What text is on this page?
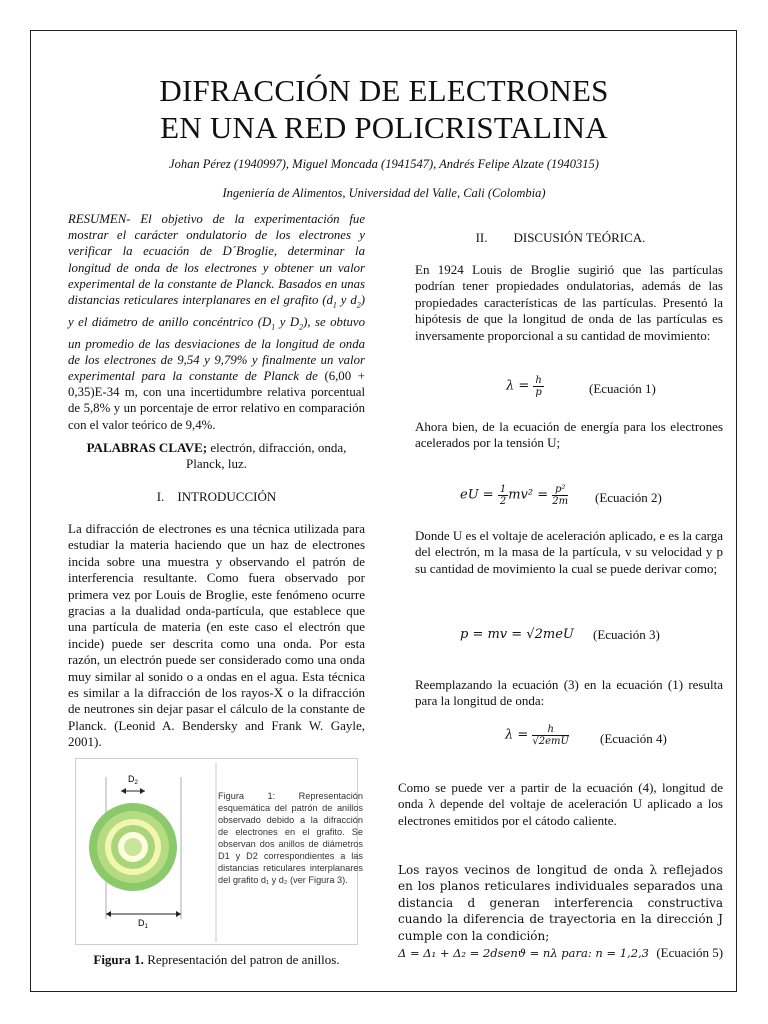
DIFRACCIÓN DE ELECTRONES
EN UNA RED POLICRISTALINA
Johan Pérez (1940997), Miguel Moncada (1941547), Andrés Felipe Alzate (1940315)
Ingeniería de Alimentos, Universidad del Valle, Cali (Colombia)
RESUMEN- El objetivo de la experimentación fue mostrar el carácter ondulatorio de los electrones y verificar la ecuación de D´Broglie, determinar la longitud de onda de los electrones y obtener un valor experimental de la constante de Planck. Basados en unas distancias reticulares interplanares en el grafito ($d_1$ y $d_2$) y el diámetro de anillo concéntrico ($D_1$ y $D_2$), se obtuvo un promedio de las desviaciones de la longitud de onda de los electrones de 9,54 y 9,79% y finalmente un valor experimental para la constante de Planck de (6,00 + 0,35)E-34 m, con una incertidumbre relativa porcentual de 5,8% y un porcentaje de error relativo en comparación con el valor teórico de 9,4%.
PALABRAS CLAVE; electrón, difracción, onda, Planck, luz.
I. INTRODUCCIÓN
La difracción de electrones es una técnica utilizada para estudiar la materia haciendo que un haz de electrones incida sobre una muestra y observando el patrón de interferencia resultante. Como fuera observado por primera vez por Louis de Broglie, este fenómeno ocurre gracias a la dualidad onda-partícula, que establece que una partícula de materia (en este caso el electrón que incide) puede ser descrita como una onda. Por esta razón, un electrón puede ser considerado como una onda muy similar al sonido o a ondas en el agua. Esta técnica es similar a la difracción de los rayos-X o la difracción de neutrones sin dejar pasar el cálculo de la constante de Planck. (Leonid A. Bendersky and Frank W. Gayle, 2001).
$D_2$
$D_1$
Figura 1: Representación esquemática del patrón de anillos observado debido a la difracción de electrones en el grafito. Se observan dos anillos de diámetros D1 y D2 correspondientes a las distancias reticulares interplanares del grafito d₁ y d₂ (ver Figura 3).
Figura 1. Representación del patron de anillos.
II. DISCUSIÓN TEÓRICA.
En 1924 Louis de Broglie sugirió que las partículas podrían tener propiedades ondulatorias, además de las propiedades características de las partículas. Presentó la hipótesis de que la longitud de onda de las partículas es inversamente proporcional a su cantidad de movimiento:
$\lambda = \frac{h}{p}$	(Ecuación 1)
Ahora bien, de la ecuación de energía para los electrones acelerados por la tensión U;
eU = $\frac{1}{2} mv^2 = \frac{\text{p²}}{2m}$ (Ecuación 2)
Donde U es el voltaje de aceleración aplicado, e es la carga del electrón, m la masa de la partícula, v su velocidad y p su cantidad de movimiento la cual se puede derivar como;
p = mv = √2meU (Ecuación 3)
Reemplazando la ecuación (3) en la ecuación (1) resulta para la longitud de onda:
$\lambda = \frac{h}{\text{√2emU}}$ (Ecuación 4)
Como se puede ver a partir de la ecuación (4), longitud de onda λ depende del voltaje de aceleración U aplicado a los electrones emitidos por el cátodo caliente.
Los rayos vecinos de longitud de onda λ reflejados en los planos reticulares individuales separados una distancia d generan interferencia constructiva cuando la diferencia de trayectoria en la dirección J cumple con la condición;
Δ = Δ₁ + Δ₂ = 2dsenϑ = nλ para: n = 1,2,3 (Ecuación 5)
